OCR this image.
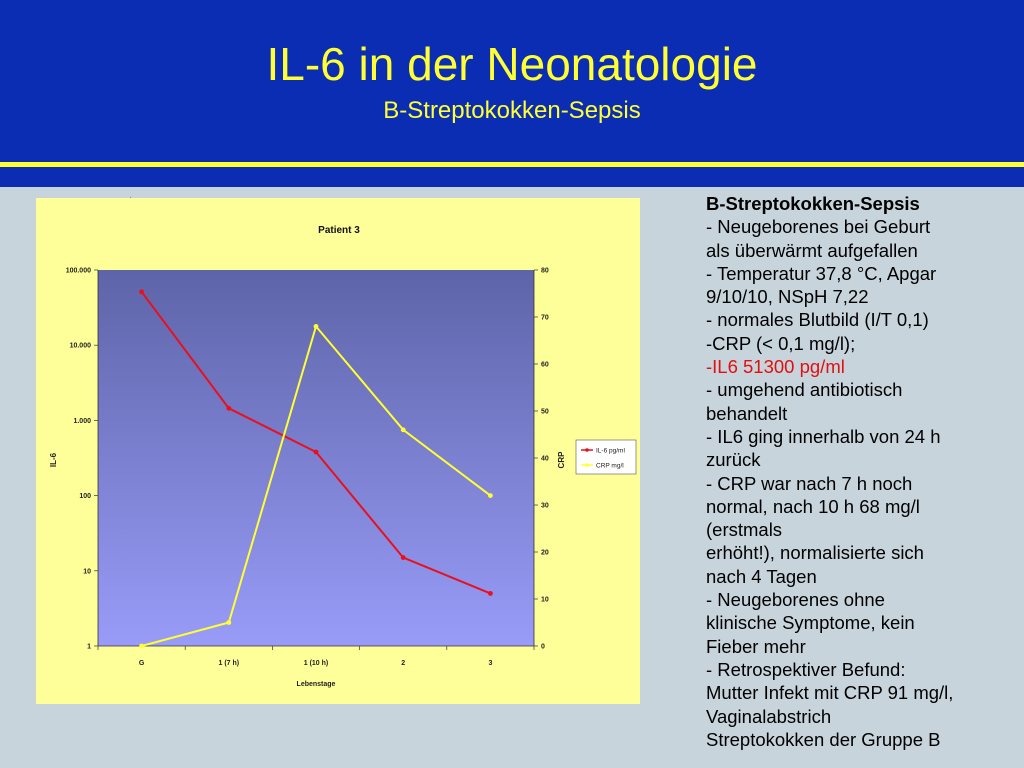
IL-6 in der Neonatologie
B-Streptokokken-Sepsis
Patient 3
1
10
100
1.000
10.000
100.000
0
10
20
30
40
50
60
70
80
G	1 (7 h)	1 (10 h)	2	3
Lebenstage
IL-6	CRP
IL-6 pg/ml
CRP mg/l
B-Streptokokken-Sepsis
- Neugeborenes bei Geburt
als überwärmt aufgefallen
- Temperatur 37,8 °C, Apgar
9/10/10, NSpH 7,22
- normales Blutbild (I/T 0,1)
-CRP (< 0,1 mg/l);
-IL6 51300 pg/ml
- umgehend antibiotisch
behandelt
- IL6 ging innerhalb von 24 h
zurück
- CRP war nach 7 h noch
normal, nach 10 h 68 mg/l
(erstmals
erhöht!), normalisierte sich
nach 4 Tagen
- Neugeborenes ohne
klinische Symptome, kein
Fieber mehr
- Retrospektiver Befund:
Mutter Infekt mit CRP 91 mg/l,
Vaginalabstrich
Streptokokken der Gruppe B
